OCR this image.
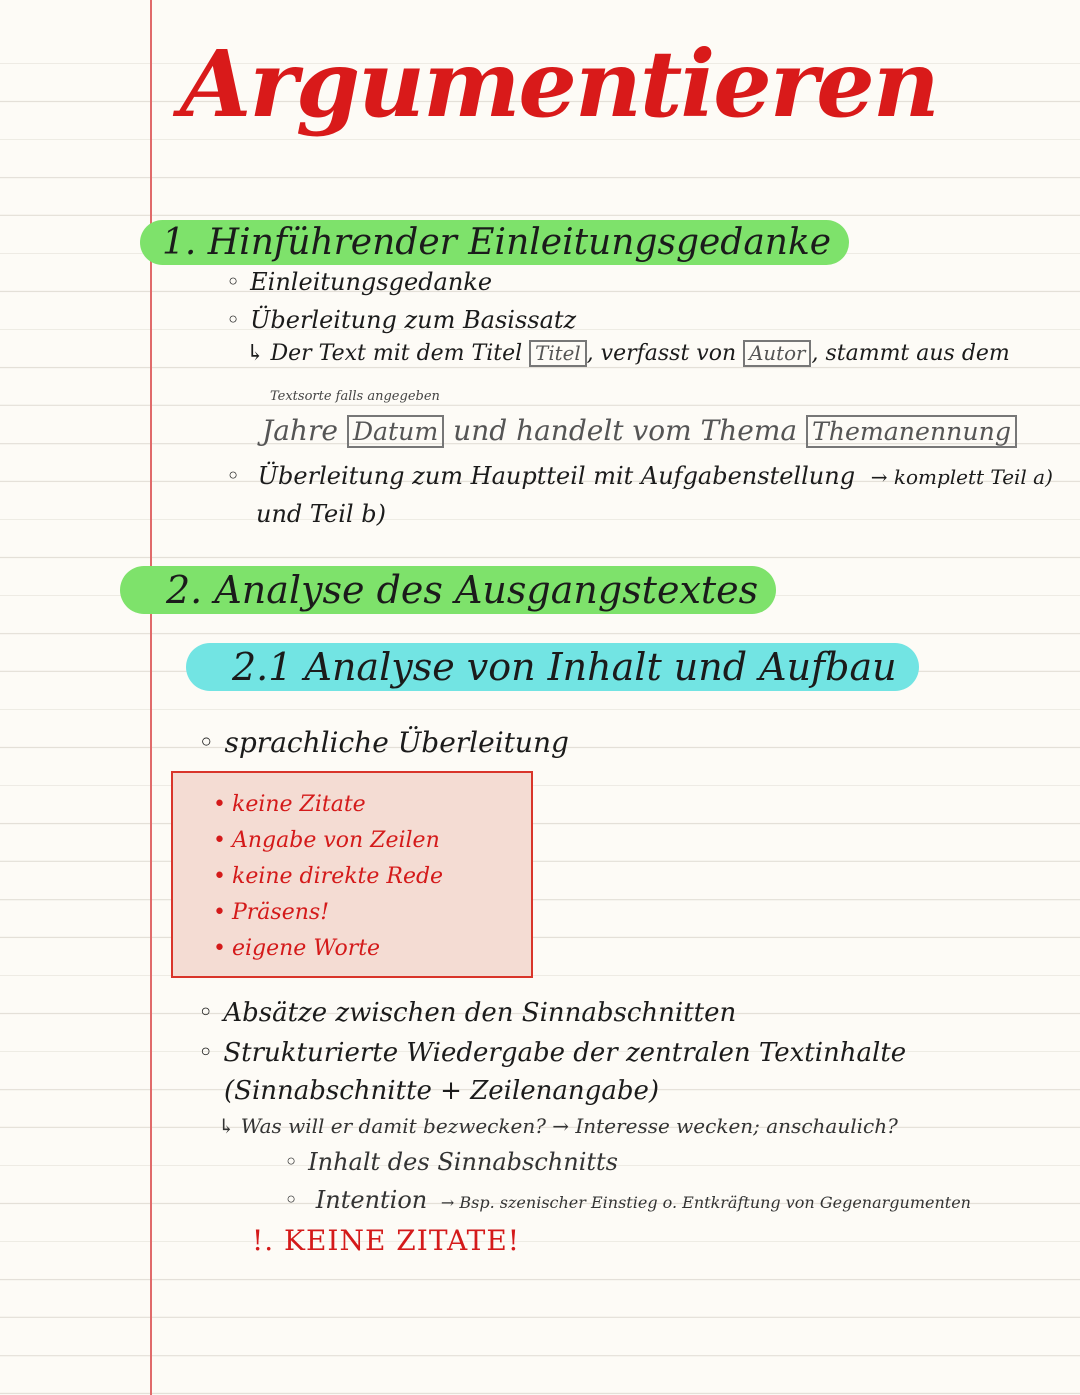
Argumentieren
1. Hinführender Einleitungsgedanke
◦ Einleitungsgedanke
◦ Überleitung zum Basissatz
↳ Der Text mit dem Titel Titel , verfasst von Autor , stammt aus dem
Textsorte falls angegeben
Jahre Datum und handelt vom Thema Themanennung
◦ Überleitung zum Hauptteil mit Aufgabenstellung → komplett Teil a)
und Teil b)
2. Analyse des Ausgangstextes
2.1 Analyse von Inhalt und Aufbau
◦ sprachliche Überleitung
• keine Zitate
• Angabe von Zeilen
• keine direkte Rede
• Präsens!
• eigene Worte
◦ Absätze zwischen den Sinnabschnitten
◦ Strukturierte Wiedergabe der zentralen Textinhalte
(Sinnabschnitte + Zeilenangabe)
↳ Was will er damit bezwecken? → Interesse wecken; anschaulich?
◦ Inhalt des Sinnabschnitts
◦ Intention → Bsp. szenischer Einstieg o. Entkräftung von Gegenargumenten
!. KEINE ZITATE!
